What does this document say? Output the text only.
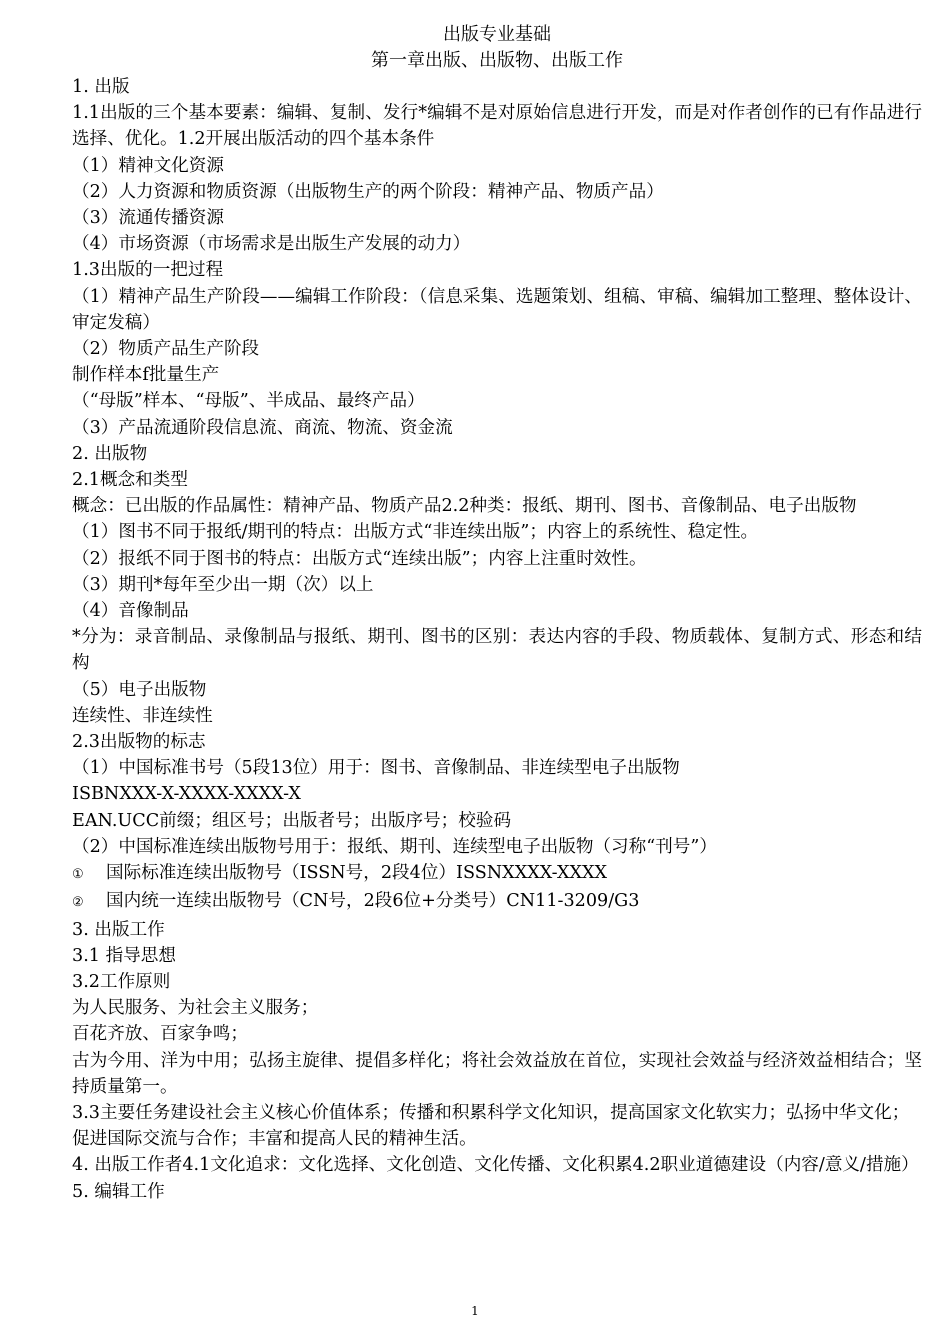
出版专业基础
第一章出版、出版物、出版工作

1. 出版

1.1出版的三个基本要素：编辑、复制、发行*编辑不是对原始信息进行开发，而是对作者创作的已有作品进行选择、优化。1.2开展出版活动的四个基本条件

（1）精神文化资源

（2）人力资源和物质资源（出版物生产的两个阶段：精神产品、物质产品）

（3）流通传播资源

（4）市场资源（市场需求是出版生产发展的动力）

1.3出版的一把过程

（1）精神产品生产阶段——编辑工作阶段：（信息采集、选题策划、组稿、审稿、编辑加工整理、整体设计、审定发稿）

（2）物质产品生产阶段

制作样本f批量生产

（“母版”样本、“母版”、半成品、最终产品）

（3）产品流通阶段信息流、商流、物流、资金流

2. 出版物

2.1概念和类型

概念：已出版的作品属性：精神产品、物质产品2.2种类：报纸、期刊、图书、音像制品、电子出版物

（1）图书不同于报纸/期刊的特点：出版方式“非连续出版”；内容上的系统性、稳定性。

（2）报纸不同于图书的特点：出版方式“连续出版”；内容上注重时效性。

（3）期刊*每年至少出一期（次）以上

（4）音像制品

*分为：录音制品、录像制品与报纸、期刊、图书的区别：表达内容的手段、物质载体、复制方式、形态和结构

（5）电子出版物

连续性、非连续性

2.3出版物的标志

（1）中国标准书号（5段13位）用于：图书、音像制品、非连续型电子出版物

ISBNXXX-X-XXXX-XXXX-X

EAN.UCC前缀；组区号；出版者号；出版序号；校验码

（2）中国标准连续出版物号用于：报纸、期刊、连续型电子出版物（习称“刊号”）

① 国际标准连续出版物号（ISSN号，2段4位）ISSNXXXX-XXXX

② 国内统一连续出版物号（CN号，2段6位+分类号）CN11-3209/G3

3. 出版工作

3.1 指导思想

3.2工作原则

为人民服务、为社会主义服务；

百花齐放、百家争鸣；

古为今用、洋为中用；弘扬主旋律、提倡多样化；将社会效益放在首位，实现社会效益与经济效益相结合；坚持质量第一。

3.3主要任务建设社会主义核心价值体系；传播和积累科学文化知识，提高国家文化软实力；弘扬中华文化；

促进国际交流与合作；丰富和提高人民的精神生活。

4. 出版工作者4.1文化追求：文化选择、文化创造、文化传播、文化积累4.2职业道德建设（内容/意义/措施）

5. 编辑工作

1
